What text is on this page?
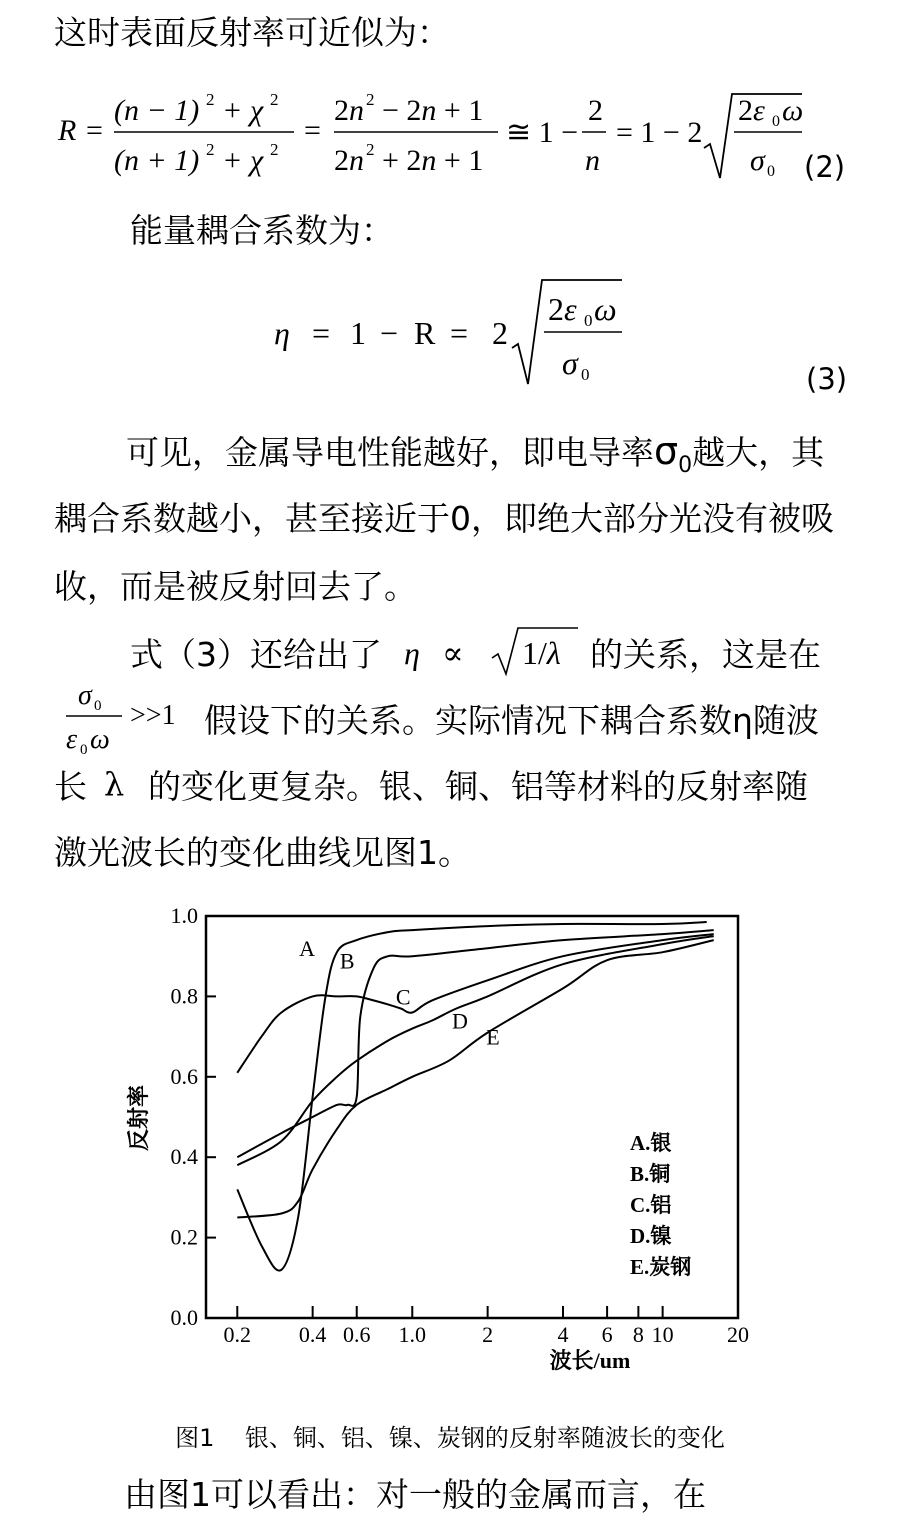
这时表面反射率可近似为：
R =
(n − 1) 2 + χ 2
(n + 1) 2 + χ 2
=
2n 2 − 2n + 1
2n 2 + 2n + 1
≅ 1 −
2
n
= 1 − 2
2ε 0 ω
σ 0 (2)
能量耦合系数为：
η = 1 − R = 2
2ε 0 ω
σ 0	(3)
可见，金属导电性能越好，即电导率$\sigma_0$越大，其
耦合系数越小，甚至接近于0，即绝大部分光没有被吸
收，而是被反射回去了。
式（3）还给出了 η ∝ 1/λ 的关系，这是在
σ 0
ε 0 ω
>>1 假设下的关系。实际情况下耦合系数η随波
长 λ 的变化更复杂。银、铜、铝等材料的反射率随
激光波长的变化曲线见图1。
0.0
0.2
0.4
0.6
0.8
1.0
0.2 0.4 0.6 1.0	2	4 6 8 10 20
A B
C
D
E
反射率
波长/um
A.银
B.铜
C.铝
D.镍
E.炭钢
图1    银、铜、铝、镍、炭钢的反射率随波长的变化
由图1可以看出：对一般的金属而言，在
